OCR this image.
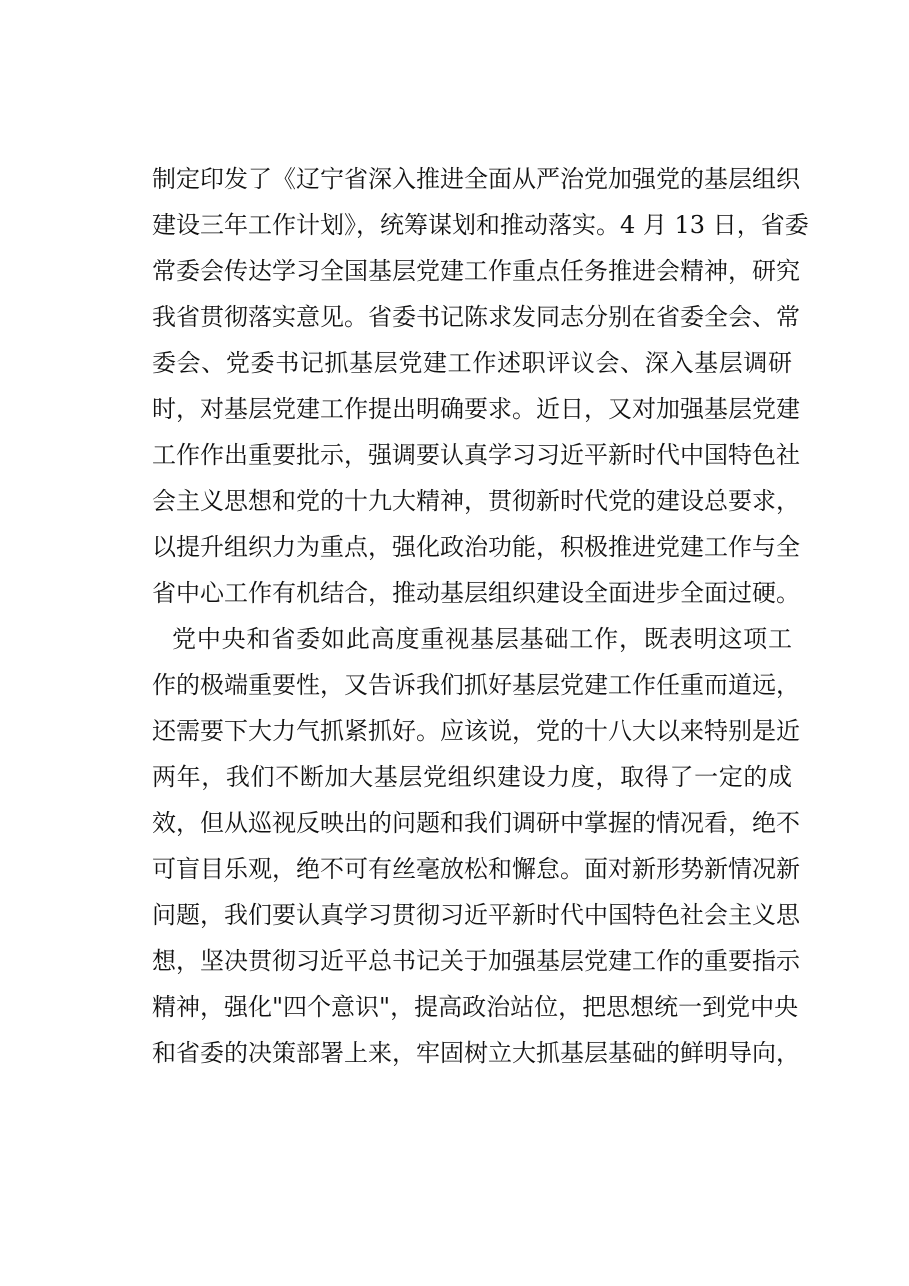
制定印发了《辽宁省深入推进全面从严治党加强党的基层组织
建设三年工作计划》，统筹谋划和推动落实。4 月 13 日，省委
常委会传达学习全国基层党建工作重点任务推进会精神，研究
我省贯彻落实意见。省委书记陈求发同志分别在省委全会、常
委会、党委书记抓基层党建工作述职评议会、深入基层调研
时，对基层党建工作提出明确要求。近日，又对加强基层党建
工作作出重要批示，强调要认真学习习近平新时代中国特色社
会主义思想和党的十九大精神，贯彻新时代党的建设总要求，
以提升组织力为重点，强化政治功能，积极推进党建工作与全
省中心工作有机结合，推动基层组织建设全面进步全面过硬。
党中央和省委如此高度重视基层基础工作，既表明这项工
作的极端重要性，又告诉我们抓好基层党建工作任重而道远，
还需要下大力气抓紧抓好。应该说，党的十八大以来特别是近
两年，我们不断加大基层党组织建设力度，取得了一定的成
效，但从巡视反映出的问题和我们调研中掌握的情况看，绝不
可盲目乐观，绝不可有丝毫放松和懈怠。面对新形势新情况新
问题，我们要认真学习贯彻习近平新时代中国特色社会主义思
想，坚决贯彻习近平总书记关于加强基层党建工作的重要指示
精神，强化"四个意识"，提高政治站位，把思想统一到党中央
和省委的决策部署上来，牢固树立大抓基层基础的鲜明导向，
